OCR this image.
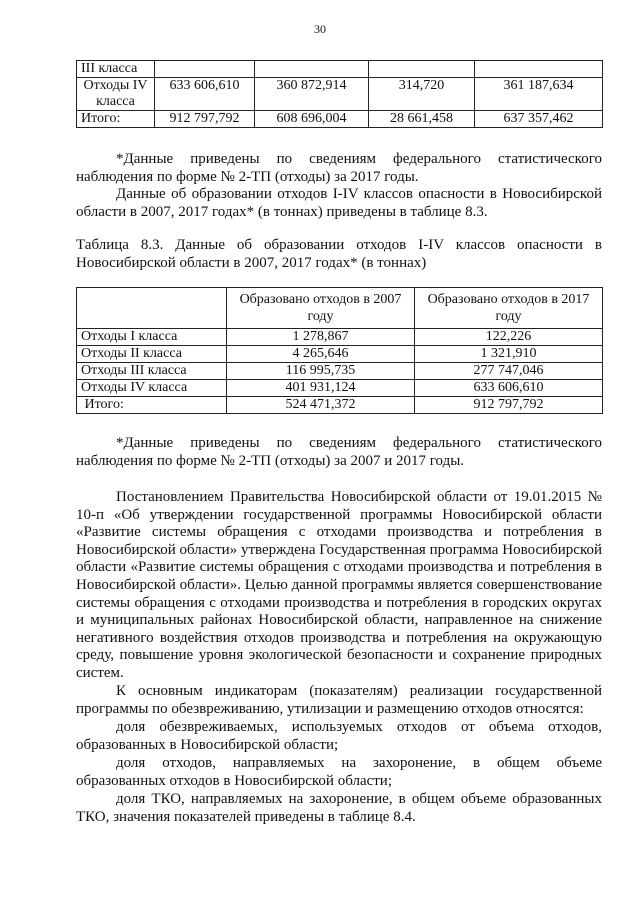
30
III класса				
Отходы IV класса	633 606,610	360 872,914	314,720	361 187,634
Итого:	912 797,792	608 696,004	28 661,458	637 357,462

*Данные приведены по сведениям федерального статистического наблюдения по форме № 2-ТП (отходы) за 2017 годы.

Данные об образовании отходов I-IV классов опасности в Новосибирской области в 2007, 2017 годах* (в тоннах) приведены в таблице 8.3.

Таблица 8.3. Данные об образовании отходов I-IV классов опасности в Новосибирской области в 2007, 2017 годах* (в тоннах)

	Образовано отходов в 2007 году	Образовано отходов в 2017 году
Отходы I класса	1 278,867	122,226
Отходы II класса	4 265,646	1 321,910
Отходы III класса	116 995,735	277 747,046
Отходы IV класса	401 931,124	633 606,610
Итого:	524 471,372	912 797,792

*Данные приведены по сведениям федерального статистического наблюдения по форме № 2-ТП (отходы) за 2007 и 2017 годы.

Постановлением Правительства Новосибирской области от 19.01.2015 № 10-п «Об утверждении государственной программы Новосибирской области «Развитие системы обращения с отходами производства и потребления в Новосибирской области» утверждена Государственная программа Новосибирской области «Развитие системы обращения с отходами производства и потребления в Новосибирской области». Целью данной программы является совершенствование системы обращения с отходами производства и потребления в городских округах и муниципальных районах Новосибирской области, направленное на снижение негативного воздействия отходов производства и потребления на окружающую среду, повышение уровня экологической безопасности и сохранение природных систем.

К основным индикаторам (показателям) реализации государственной программы по обезвреживанию, утилизации и размещению отходов относятся:

доля обезвреживаемых, используемых отходов от объема отходов, образованных в Новосибирской области;

доля отходов, направляемых на захоронение, в общем объеме образованных отходов в Новосибирской области;

доля ТКО, направляемых на захоронение, в общем объеме образованных ТКО, значения показателей приведены в таблице 8.4.
